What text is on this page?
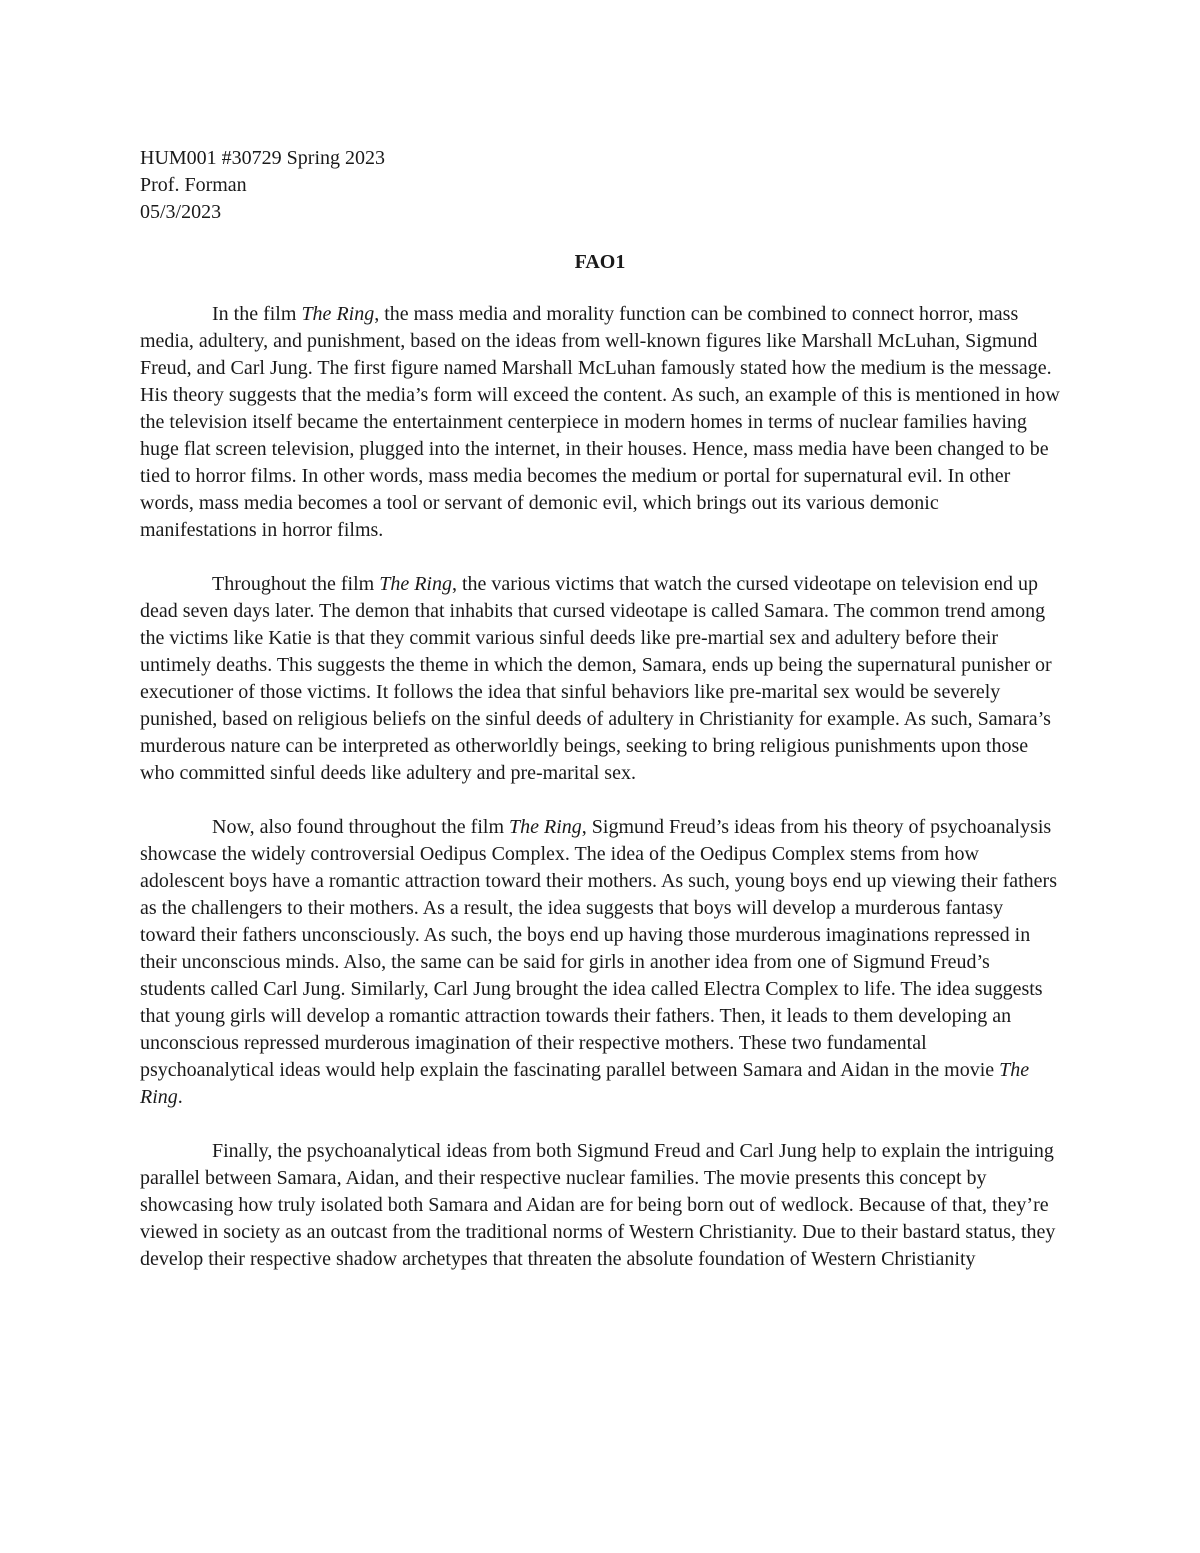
HUM001 #30729 Spring 2023
Prof. Forman
05/3/2023
FAO1

In the film The Ring, the mass media and morality function can be combined to connect horror, mass media, adultery, and punishment, based on the ideas from well-known figures like Marshall McLuhan, Sigmund Freud, and Carl Jung. The first figure named Marshall McLuhan famously stated how the medium is the message. His theory suggests that the media’s form will exceed the content. As such, an example of this is mentioned in how the television itself became the entertainment centerpiece in modern homes in terms of nuclear families having huge flat screen television, plugged into the internet, in their houses. Hence, mass media have been changed to be tied to horror films. In other words, mass media becomes the medium or portal for supernatural evil. In other words, mass media becomes a tool or servant of demonic evil, which brings out its various demonic manifestations in horror films.

Throughout the film The Ring, the various victims that watch the cursed videotape on television end up dead seven days later. The demon that inhabits that cursed videotape is called Samara. The common trend among the victims like Katie is that they commit various sinful deeds like pre-martial sex and adultery before their untimely deaths. This suggests the theme in which the demon, Samara, ends up being the supernatural punisher or executioner of those victims. It follows the idea that sinful behaviors like pre-marital sex would be severely punished, based on religious beliefs on the sinful deeds of adultery in Christianity for example. As such, Samara’s murderous nature can be interpreted as otherworldly beings, seeking to bring religious punishments upon those who committed sinful deeds like adultery and pre-marital sex.

Now, also found throughout the film The Ring, Sigmund Freud’s ideas from his theory of psychoanalysis showcase the widely controversial Oedipus Complex. The idea of the Oedipus Complex stems from how adolescent boys have a romantic attraction toward their mothers. As such, young boys end up viewing their fathers as the challengers to their mothers. As a result, the idea suggests that boys will develop a murderous fantasy toward their fathers unconsciously. As such, the boys end up having those murderous imaginations repressed in their unconscious minds. Also, the same can be said for girls in another idea from one of Sigmund Freud’s students called Carl Jung. Similarly, Carl Jung brought the idea called Electra Complex to life. The idea suggests that young girls will develop a romantic attraction towards their fathers. Then, it leads to them developing an unconscious repressed murderous imagination of their respective mothers. These two fundamental psychoanalytical ideas would help explain the fascinating parallel between Samara and Aidan in the movie The Ring.

Finally, the psychoanalytical ideas from both Sigmund Freud and Carl Jung help to explain the intriguing parallel between Samara, Aidan, and their respective nuclear families. The movie presents this concept by showcasing how truly isolated both Samara and Aidan are for being born out of wedlock. Because of that, they’re viewed in society as an outcast from the traditional norms of Western Christianity. Due to their bastard status, they develop their respective shadow archetypes that threaten the absolute foundation of Western Christianity
